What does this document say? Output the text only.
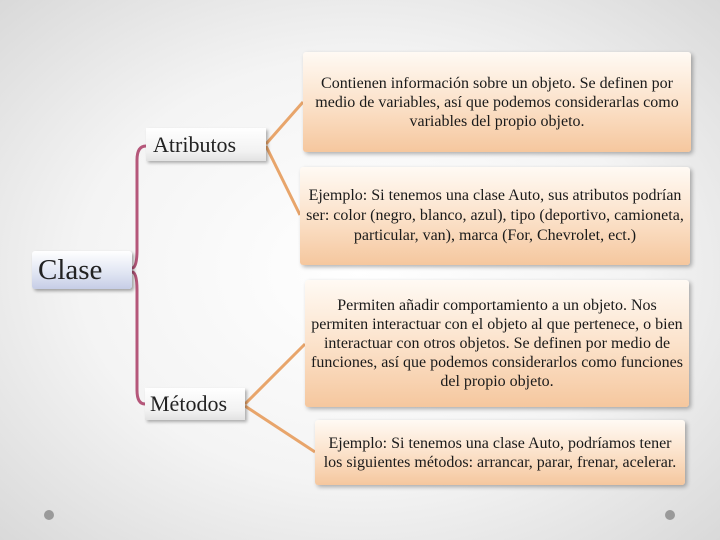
Clase
Atributos
Métodos
Contienen información sobre un objeto. Se definen por medio de variables, así que podemos considerarlas como variables del propio objeto.
Ejemplo: Si tenemos una clase Auto, sus atributos podrían ser: color (negro, blanco, azul), tipo (deportivo, camioneta, particular, van), marca (For, Chevrolet, ect.)
Permiten añadir comportamiento a un objeto. Nos permiten interactuar con el objeto al que pertenece, o bien interactuar con otros objetos. Se definen por medio de funciones, así que podemos considerarlos como funciones del propio objeto.
Ejemplo: Si tenemos una clase Auto, podríamos tener los siguientes métodos: arrancar, parar, frenar, acelerar.
